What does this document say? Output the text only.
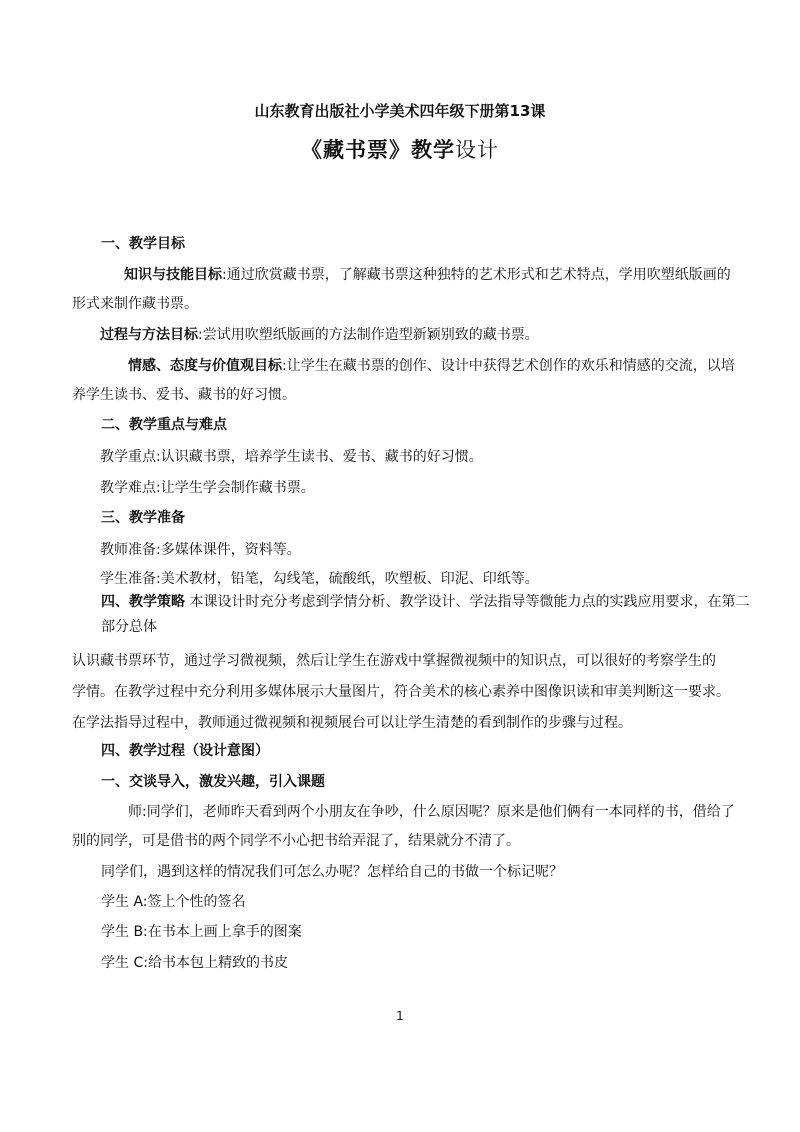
山东教育出版社小学美术四年级下册第13课
《藏书票》教学设计
一、教学目标
知识与技能目标:通过欣赏藏书票，了解藏书票这种独特的艺术形式和艺术特点，学用吹塑纸版画的
形式来制作藏书票。
过程与方法目标:尝试用吹塑纸版画的方法制作造型新颖别致的藏书票。
情感、态度与价值观目标:让学生在藏书票的创作、设计中获得艺术创作的欢乐和情感的交流，以培
养学生读书、爱书、藏书的好习惯。
二、教学重点与难点
教学重点:认识藏书票，培养学生读书、爱书、藏书的好习惯。
教学难点:让学生学会制作藏书票。
三、教学准备
教师准备:多媒体课件，资料等。
学生准备:美术教材，铅笔，勾线笔，硫酸纸，吹塑板、印泥、印纸等。
四、教学策略 本课设计时充分考虑到学情分析、教学设计、学法指导等微能力点的实践应用要求，在第二
部分总体
认识藏书票环节，通过学习微视频，然后让学生在游戏中掌握微视频中的知识点，可以很好的考察学生的
学情。在教学过程中充分利用多媒体展示大量图片，符合美术的核心素养中图像识读和审美判断这一要求。
在学法指导过程中，教师通过微视频和视频展台可以让学生清楚的看到制作的步骤与过程。
四、教学过程（设计意图）
一、交谈导入，激发兴趣，引入课题
师:同学们，老师昨天看到两个小朋友在争吵，什么原因呢？原来是他们俩有一本同样的书，借给了
别的同学，可是借书的两个同学不小心把书给弄混了，结果就分不清了。
同学们，遇到这样的情况我们可怎么办呢？怎样给自己的书做一个标记呢？
学生 A:签上个性的签名
学生 B:在书本上画上拿手的图案
学生 C:给书本包上精致的书皮
1
